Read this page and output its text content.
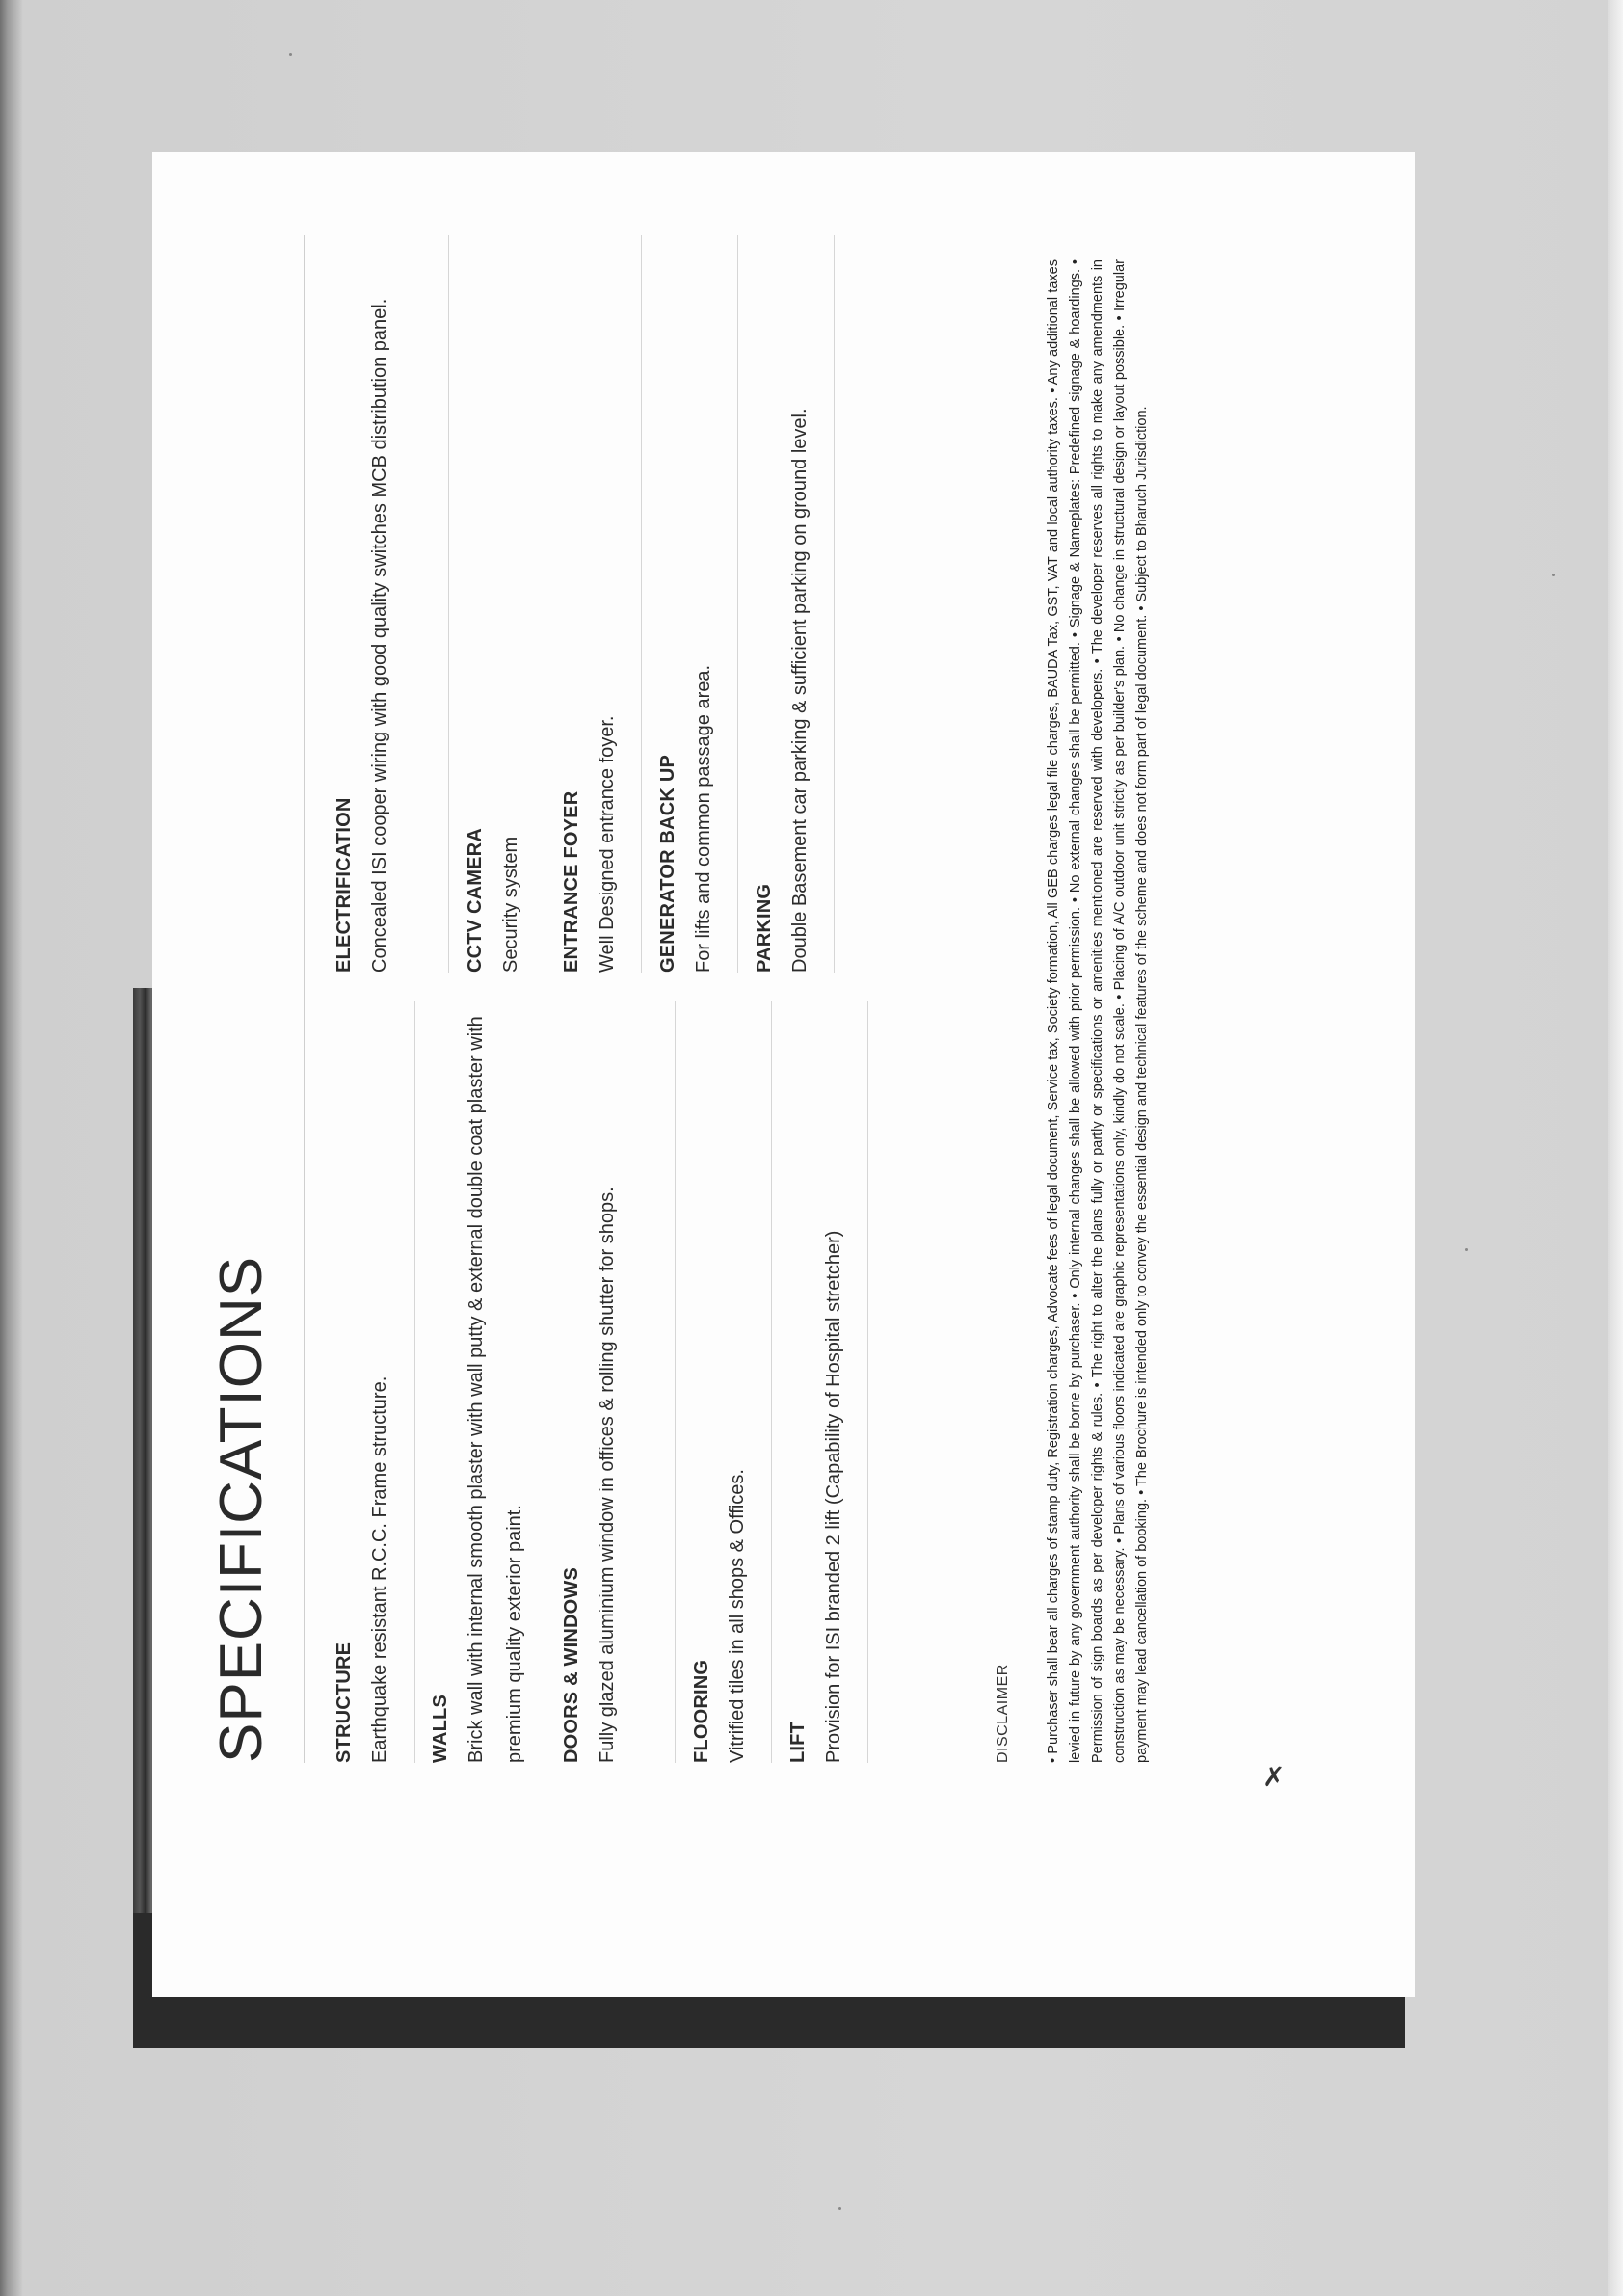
SPECIFICATIONS	STRUCTURE Earthquake resistant R.C.C. Frame structure.	WALLS Brick wall with internal smooth plaster with wall putty & external double coat plaster with premium quality exterior paint.	DOORS & WINDOWS Fully glazed aluminium window in offices & rolling shutter for shops.	FLOORING Vitrified tiles in all shops & Offices.	LIFT Provision for ISI branded 2 lift (Capability of Hospital stretcher)
ELECTRIFICATION Concealed ISI cooper wiring with good quality switches MCB distribution panel.	CCTV CAMERA Security system	ENTRANCE FOYER Well Designed entrance foyer.	GENERATOR BACK UP For lifts and common passage area.	PARKING Double Basement car parking & sufficient parking on ground level.
DISCLAIMER • Purchaser shall bear all charges of stamp duty, Registration charges, Advocate fees of legal document, Service tax, Society formation, All GEB charges legal file charges, BAUDA Tax, GST, VAT and local authority taxes. • Any additional taxes levied in future by any government authority shall be borne by purchaser. • Only internal changes shall be allowed with prior permission. • No external changes shall be permitted. • Signage & Nameplates: Predefined signage & hoardings. • Permission of sign boards as per developer rights & rules. • The right to alter the plans fully or partly or specifications or amenities mentioned are reserved with developers. • The developer reserves all rights to make any amendments in construction as may be necessary. • Plans of various floors indicated are graphic representations only, kindly do not scale. • Placing of A/C outdoor unit strictly as per builder's plan. • No change in structural design or layout possible. • Irregular payment may lead cancellation of booking. • The Brochure is intended only to convey the essential design and technical features of the scheme and does not form part of legal document. • Subject to Bharuch Jurisdiction.
✗
